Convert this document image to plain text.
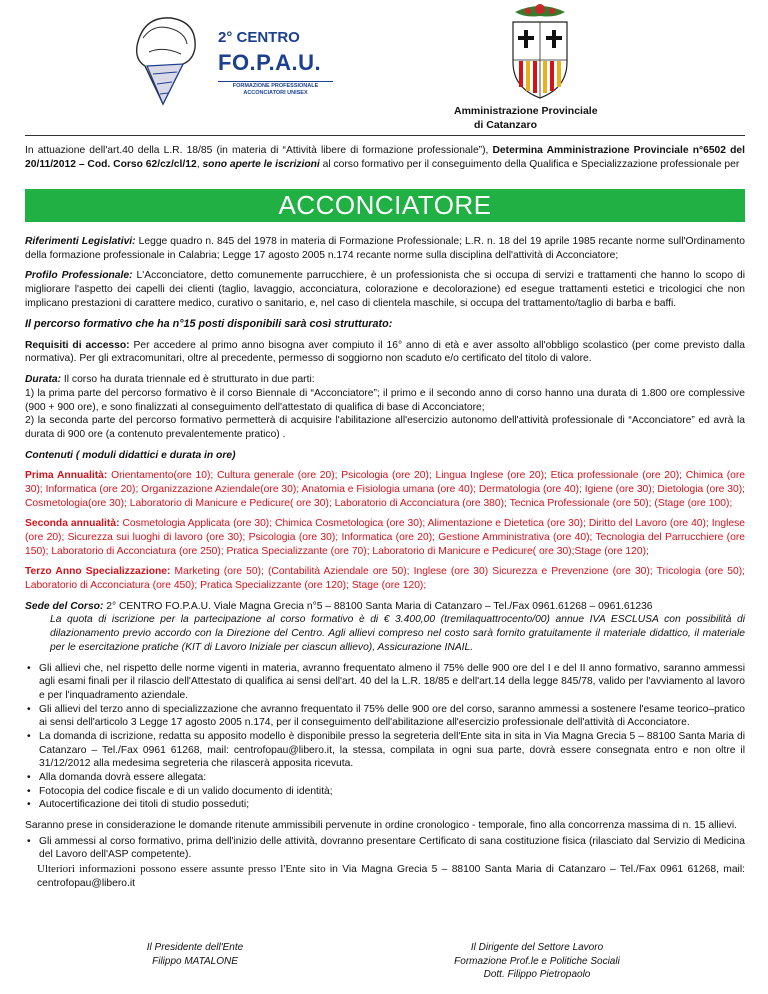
2° CENTRO
FO.P.A.U.
FORMAZIONE PROFESSIONALE
ACCONCIATORI UNISEX
Amministrazione Provinciale
di Catanzaro

In attuazione dell'art.40 della L.R. 18/85 (in materia di “Attività libere di formazione professionale”), Determina Amministrazione Provinciale n°6502 del 20/11/2012 – Cod. Corso 62/cz/cl/12, sono aperte le iscrizioni al corso formativo per il conseguimento della Qualifica e Specializzazione professionale per

ACCONCIATORE

Riferimenti Legislativi: Legge quadro n. 845 del 1978 in materia di Formazione Professionale; L.R. n. 18 del 19 aprile 1985 recante norme sull'Ordinamento della formazione professionale in Calabria; Legge 17 agosto 2005 n.174 recante norme sulla disciplina dell'attività di Acconciatore;

Profilo Professionale: L'Acconciatore, detto comunemente parrucchiere, è un professionista che si occupa di servizi e trattamenti che hanno lo scopo di migliorare l'aspetto dei capelli dei clienti (taglio, lavaggio, acconciatura, colorazione e decolorazione) ed esegue trattamenti estetici e tricologici che non implicano prestazioni di carattere medico, curativo o sanitario, e, nel caso di clientela maschile, si occupa del trattamento/taglio di barba e baffi.

Il percorso formativo che ha n°15 posti disponibili sarà così strutturato:

Requisiti di accesso: Per accedere al primo anno bisogna aver compiuto il 16° anno di età e aver assolto all'obbligo scolastico (per come previsto dalla normativa). Per gli extracomunitari, oltre al precedente, permesso di soggiorno non scaduto e/o certificato del titolo di valore.

Durata: Il corso ha durata triennale ed è strutturato in due parti:

1) la prima parte del percorso formativo è il corso Biennale di “Acconciatore”; il primo e il secondo anno di corso hanno una durata di 1.800 ore complessive (900 + 900 ore), e sono finalizzati al conseguimento dell'attestato di qualifica di base di Acconciatore;

2) la seconda parte del percorso formativo permetterà di acquisire l'abilitazione all'esercizio autonomo dell'attività professionale di “Acconciatore” ed avrà la durata di 900 ore (a contenuto prevalentemente pratico) .

Contenuti ( moduli didattici e durata in ore)

Prima Annualità: Orientamento(ore 10); Cultura generale (ore 20); Psicologia (ore 20); Lingua Inglese (ore 20); Etica professionale (ore 20); Chimica (ore 30); Informatica (ore 20); Organizzazione Aziendale(ore 30); Anatomia e Fisiologia umana (ore 40); Dermatologia (ore 40); Igiene (ore 30); Dietologia (ore 30); Cosmetologia(ore 30); Laboratorio di Manicure e Pedicure( ore 30); Laboratorio di Acconciatura (ore 380); Tecnica Professionale (ore 50); (Stage (ore 100);

Seconda annualità: Cosmetologia Applicata (ore 30); Chimica Cosmetologica (ore 30); Alimentazione e Dietetica (ore 30); Diritto del Lavoro (ore 40); Inglese (ore 20); Sicurezza sui luoghi di lavoro (ore 30); Psicologia (ore 30); Informatica (ore 20); Gestione Amministrativa (ore 40); Tecnologia del Parrucchiere (ore 150); Laboratorio di Acconciatura (ore 250); Pratica Specializzante (ore 70); Laboratorio di Manicure e Pedicure( ore 30);Stage (ore 120);

Terzo Anno Specializzazione: Marketing (ore 50); (Contabilità Aziendale ore 50); Inglese (ore 30) Sicurezza e Prevenzione (ore 30); Tricologia (ore 50); Laboratorio di Acconciatura (ore 450); Pratica Specializzante (ore 120); Stage (ore 120);

Sede del Corso: 2° CENTRO FO.P.A.U. Viale Magna Grecia n°5 – 88100 Santa Maria di Catanzaro – Tel./Fax 0961.61268 – 0961.61236

La quota di iscrizione per la partecipazione al corso formativo è di € 3.400,00 (tremilaquattrocento/00) annue IVA ESCLUSA con possibilità di dilazionamento previo accordo con la Direzione del Centro. Agli allievi compreso nel costo sarà fornito gratuitamente il materiale didattico, il materiale per le esercitazione pratiche (KIT di Lavoro Iniziale per ciascun allievo), Assicurazione INAIL.

• Gli allievi che, nel rispetto delle norme vigenti in materia, avranno frequentato almeno il 75% delle 900 ore del I e del II anno formativo, saranno ammessi agli esami finali per il rilascio dell'Attestato di qualifica ai sensi dell'art. 40 del la L.R. 18/85 e dell'art.14 della legge 845/78, valido per l'avviamento al lavoro e per l'inquadramento aziendale.
• Gli allievi del terzo anno di specializzazione che avranno frequentato il 75% delle 900 ore del corso, saranno ammessi a sostenere l'esame teorico–pratico ai sensi dell'articolo 3 Legge 17 agosto 2005 n.174, per il conseguimento dell'abilitazione all'esercizio professionale dell'attività di Acconciatore.
• La domanda di iscrizione, redatta su apposito modello è disponibile presso la segreteria dell'Ente sita in sita in Via Magna Grecia 5 – 88100 Santa Maria di Catanzaro – Tel./Fax 0961 61268, mail: centrofopau@libero.it, la stessa, compilata in ogni sua parte, dovrà essere consegnata entro e non oltre il 31/12/2012 alla medesima segreteria che rilascerà apposita ricevuta.
• Alla domanda dovrà essere allegata:
• Fotocopia del codice fiscale e di un valido documento di identità;
• Autocertificazione dei titoli di studio posseduti;

Saranno prese in considerazione le domande ritenute ammissibili pervenute in ordine cronologico - temporale, fino alla concorrenza massima di n. 15 allievi.

• Gli ammessi al corso formativo, prima dell'inizio delle attività, dovranno presentare Certificato di sana costituzione fisica (rilasciato dal Servizio di Medicina del Lavoro dell'ASP competente).

Ulteriori informazioni possono essere assunte presso l'Ente sito in Via Magna Grecia 5 – 88100 Santa Maria di Catanzaro – Tel./Fax 0961 61268, mail: centrofopau@libero.it

Il Presidente dell'Ente
Filippo MATALONE
Il Dirigente del Settore Lavoro
Formazione Prof.le e Politiche Sociali
Dott. Filippo Pietropaolo
